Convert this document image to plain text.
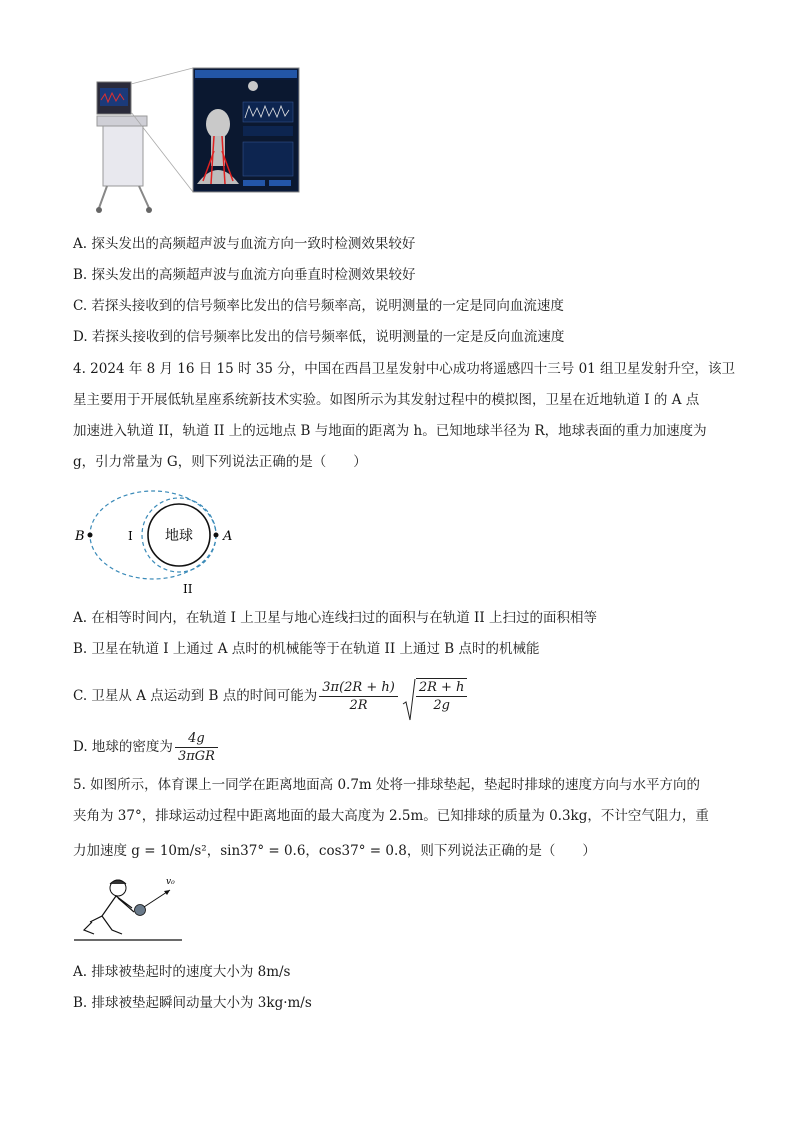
A. 探头发出的高频超声波与血流方向一致时检测效果较好
B. 探头发出的高频超声波与血流方向垂直时检测效果较好
C. 若探头接收到的信号频率比发出的信号频率高，说明测量的一定是同向血流速度
D. 若探头接收到的信号频率比发出的信号频率低，说明测量的一定是反向血流速度
4. 2024 年 8 月 16 日 15 时 35 分，中国在西昌卫星发射中心成功将遥感四十三号 01 组卫星发射升空，该卫
星主要用于开展低轨星座系统新技术实验。如图所示为其发射过程中的模拟图，卫星在近地轨道 I 的 A 点
加速进入轨道 II，轨道 II 上的远地点 B 与地面的距离为 h。已知地球半径为 R，地球表面的重力加速度为
g，引力常量为 G，则下列说法正确的是（　　）
地球
B	A
I
II
A. 在相等时间内，在轨道 I 上卫星与地心连线扫过的面积与在轨道 II 上扫过的面积相等
B. 卫星在轨道 I 上通过 A 点时的机械能等于在轨道 II 上通过 B 点时的机械能
C. 卫星从 A 点运动到 B 点的时间可能为 $\frac{3\pi(2R + h)}{2R} \frac{2R + h}{2g}$
D. 地球的密度为 $\frac{4g}{\text{3πGR}}$
5. 如图所示，体育课上一同学在距离地面高 0.7m 处将一排球垫起，垫起时排球的速度方向与水平方向的
夹角为 37°，排球运动过程中距离地面的最大高度为 2.5m。已知排球的质量为 0.3kg，不计空气阻力，重
力加速度 g = 10m/s²，sin37° = 0.6，cos37° = 0.8，则下列说法正确的是（　　）
v₀
A. 排球被垫起时的速度大小为 8m/s
B. 排球被垫起瞬间动量大小为 3kg·m/s
